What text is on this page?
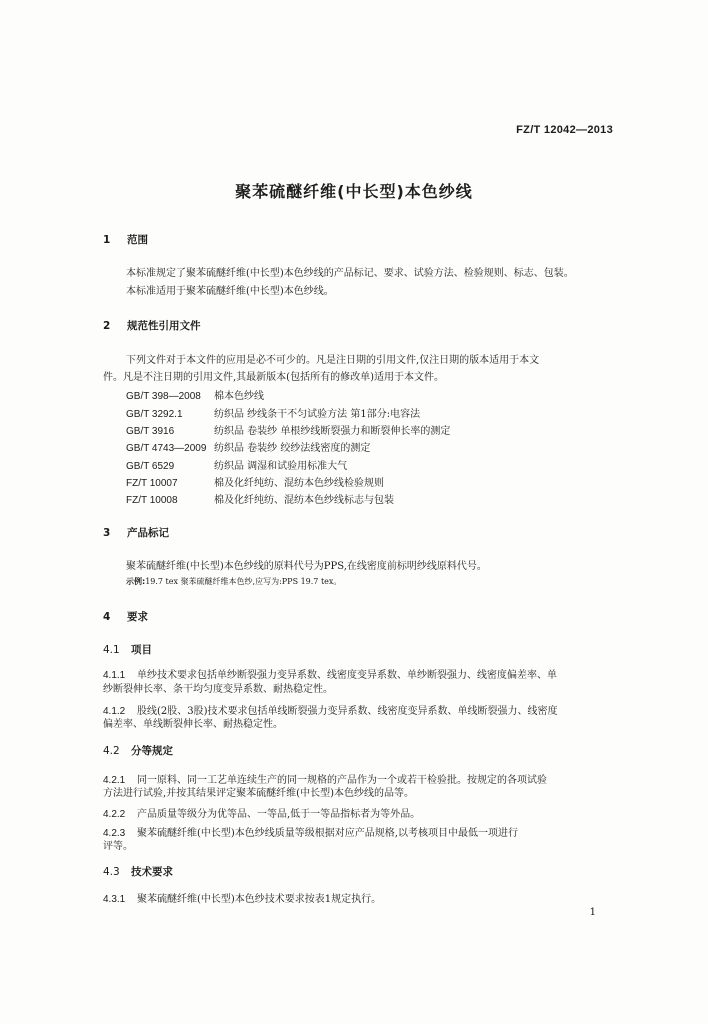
FZ/T 12042—2013
聚苯硫醚纤维(中长型)本色纱线
1 范围
本标准规定了聚苯硫醚纤维(中长型)本色纱线的产品标记、要求、试验方法、检验规则、标志、包装。
本标准适用于聚苯硫醚纤维(中长型)本色纱线。
2 规范性引用文件
下列文件对于本文件的应用是必不可少的。凡是注日期的引用文件,仅注日期的版本适用于本文
件。凡是不注日期的引用文件,其最新版本(包括所有的修改单)适用于本文件。
GB/T 398—2008 棉本色纱线
GB/T 3292.1	纺织品 纱线条干不匀试验方法 第1部分:电容法
GB/T 3916	纺织品 卷装纱 单根纱线断裂强力和断裂伸长率的测定
GB/T 4743—2009 纺织品 卷装纱 绞纱法线密度的测定
GB/T 6529	纺织品 调湿和试验用标准大气
FZ/T 10007	棉及化纤纯纺、混纺本色纱线检验规则
FZ/T 10008	棉及化纤纯纺、混纺本色纱线标志与包装
3 产品标记
聚苯硫醚纤维(中长型)本色纱线的原料代号为PPS,在线密度前标明纱线原料代号。
示例:19.7 tex 聚苯硫醚纤维本色纱,应写为:PPS 19.7 tex。
4 要求
4.1 项目
4.1.1 单纱技术要求包括单纱断裂强力变异系数、线密度变异系数、单纱断裂强力、线密度偏差率、单
纱断裂伸长率、条干均匀度变异系数、耐热稳定性。
4.1.2 股线(2股、3股)技术要求包括单线断裂强力变异系数、线密度变异系数、单线断裂强力、线密度
偏差率、单线断裂伸长率、耐热稳定性。
4.2 分等规定
4.2.1 同一原料、同一工艺单连续生产的同一规格的产品作为一个或若干检验批。按规定的各项试验
方法进行试验,并按其结果评定聚苯硫醚纤维(中长型)本色纱线的品等。
4.2.2 产品质量等级分为优等品、一等品,低于一等品指标者为等外品。
4.2.3 聚苯硫醚纤维(中长型)本色纱线质量等级根据对应产品规格,以考核项目中最低一项进行
评等。
4.3 技术要求
4.3.1 聚苯硫醚纤维(中长型)本色纱技术要求按表1规定执行。
1
